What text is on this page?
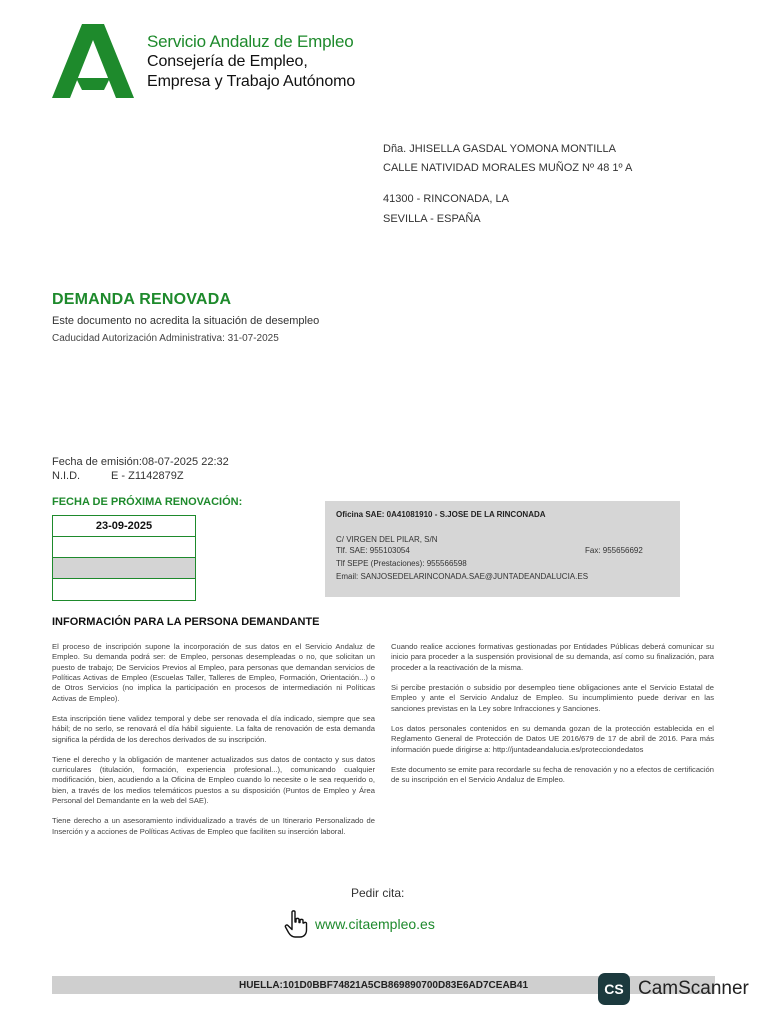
Servicio Andaluz de Empleo
Consejería de Empleo,
Empresa y Trabajo Autónomo
Dña. JHISELLA GASDAL YOMONA MONTILLA
CALLE NATIVIDAD MORALES MUÑOZ Nº 48 1º A
41300 - RINCONADA, LA
SEVILLA - ESPAÑA
DEMANDA RENOVADA
Este documento no acredita la situación de desempleo
Caducidad Autorización Administrativa: 31-07-2025
Fecha de emisión:08-07-2025 22:32
N.I.D.	E - Z1142879Z
FECHA DE PRÓXIMA RENOVACIÓN:
23-09-2025
Oficina SAE: 0A41081910 - S.JOSE DE LA RINCONADA
C/ VIRGEN DEL PILAR, S/N
Tlf. SAE: 955103054	Fax: 955656692
Tlf SEPE (Prestaciones): 955566598
Email: SANJOSEDELARINCONADA.SAE@JUNTADEANDALUCIA.ES
INFORMACIÓN PARA LA PERSONA DEMANDANTE

El proceso de inscripción supone la incorporación de sus datos en el Servicio Andaluz de Empleo. Su demanda podrá ser: de Empleo, personas desempleadas o no, que solicitan un puesto de trabajo; De Servicios Previos al Empleo, para personas que demandan servicios de Políticas Activas de Empleo (Escuelas Taller, Talleres de Empleo, Formación, Orientación...) o de Otros Servicios (no implica la participación en procesos de intermediación ni Políticas Activas de Empleo).

Esta inscripción tiene validez temporal y debe ser renovada el día indicado, siempre que sea hábil; de no serlo, se renovará el día hábil siguiente. La falta de renovación de esta demanda significa la pérdida de los derechos derivados de su inscripción.

Tiene el derecho y la obligación de mantener actualizados sus datos de contacto y sus datos curriculares (titulación, formación, experiencia profesional...), comunicando cualquier modificación, bien, acudiendo a la Oficina de Empleo cuando lo necesite o le sea requerido o, bien, a través de los medios telemáticos puestos a su disposición (Puntos de Empleo y Área Personal del Demandante en la web del SAE).

Tiene derecho a un asesoramiento individualizado a través de un Itinerario Personalizado de Inserción y a acciones de Políticas Activas de Empleo que faciliten su inserción laboral.

Cuando realice acciones formativas gestionadas por Entidades Públicas deberá comunicar su inicio para proceder a la suspensión provisional de su demanda, así como su finalización, para proceder a la reactivación de la misma.

Si percibe prestación o subsidio por desempleo tiene obligaciones ante el Servicio Estatal de Empleo y ante el Servicio Andaluz de Empleo. Su incumplimiento puede derivar en las sanciones previstas en la Ley sobre Infracciones y Sanciones.

Los datos personales contenidos en su demanda gozan de la protección establecida en el Reglamento General de Protección de Datos UE 2016/679 de 17 de abril de 2016. Para más información puede dirigirse a: http://juntadeandalucia.es/protecciondedatos

Este documento se emite para recordarle su fecha de renovación y no a efectos de certificación de su inscripción en el Servicio Andaluz de Empleo.

Pedir cita:
www.citaempleo.es
HUELLA:101D0BBF74821A5CB869890700D83E6AD7CEAB41	CS CamScanner
